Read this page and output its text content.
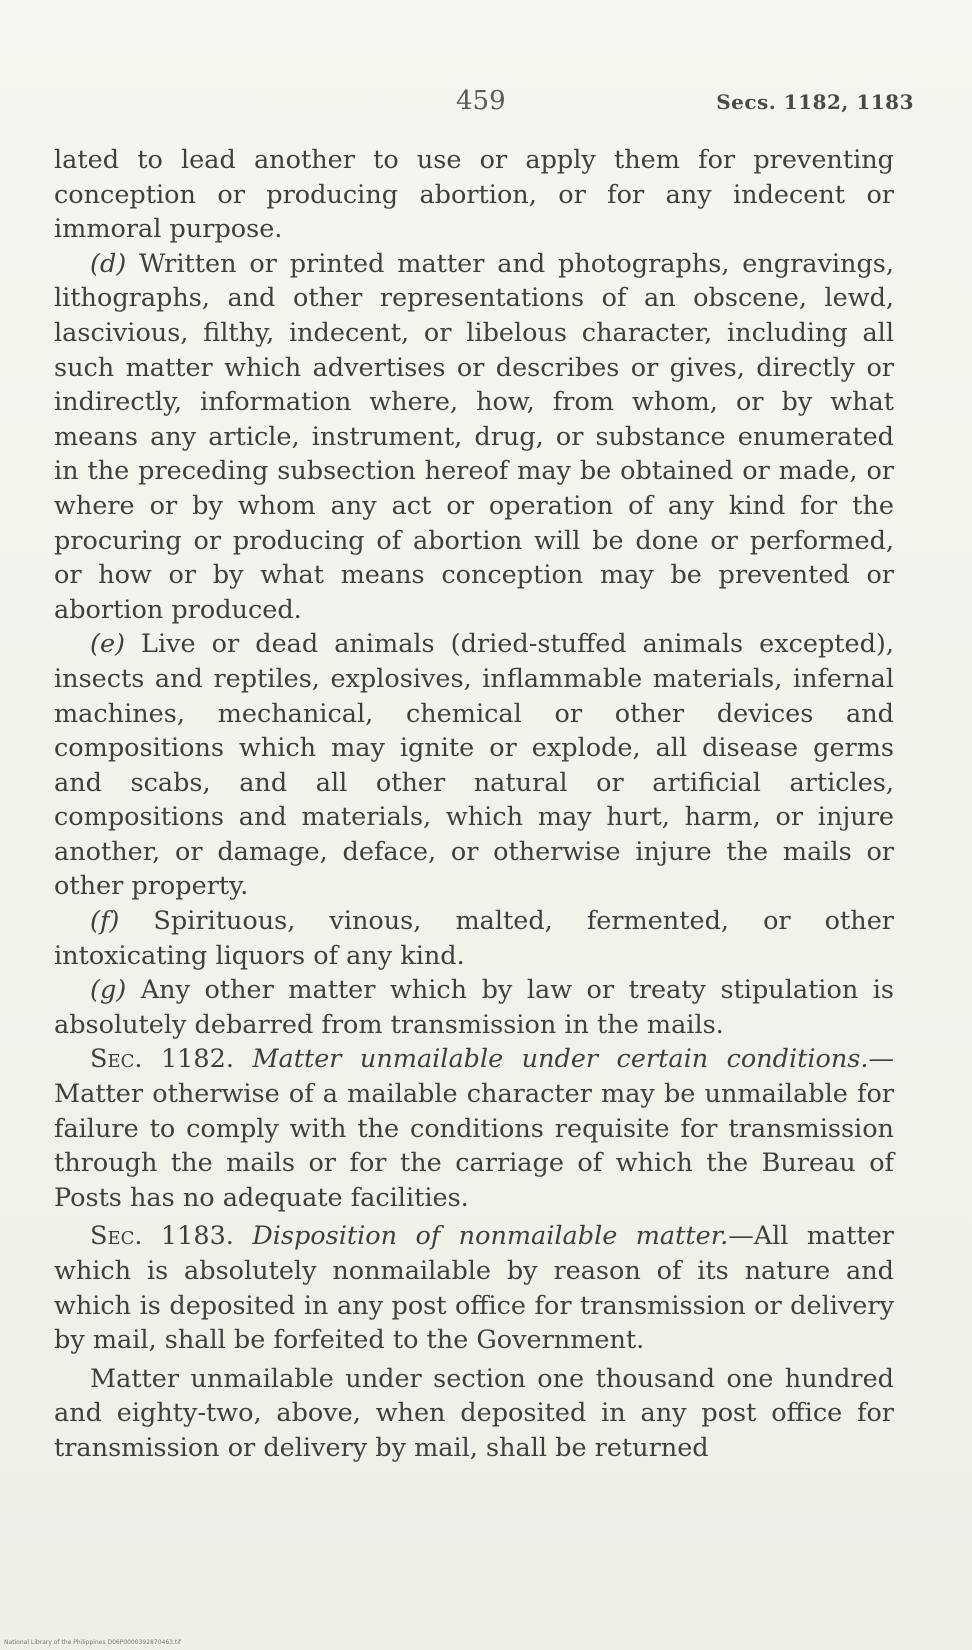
459	Secs. 1182, 1183

lated to lead another to use or apply them for preventing conception or producing abortion, or for any indecent or immoral purpose.

(d) Written or printed matter and photographs, engravings, lithographs, and other representations of an obscene, lewd, lascivious, filthy, indecent, or libelous character, including all such matter which advertises or describes or gives, directly or indirectly, information where, how, from whom, or by what means any article, instrument, drug, or substance enumerated in the preceding subsection hereof may be obtained or made, or where or by whom any act or operation of any kind for the procuring or producing of abortion will be done or performed, or how or by what means conception may be prevented or abortion produced.

(e) Live or dead animals (dried-stuffed animals excepted), insects and reptiles, explosives, inflammable materials, infernal machines, mechanical, chemical or other devices and compositions which may ignite or explode, all disease germs and scabs, and all other natural or artificial articles, compositions and materials, which may hurt, harm, or injure another, or damage, deface, or otherwise injure the mails or other property.

(f) Spirituous, vinous, malted, fermented, or other intoxicating liquors of any kind.

(g) Any other matter which by law or treaty stipulation is absolutely debarred from transmission in the mails.

Sec. 1182. Matter unmailable under certain conditions.—Matter otherwise of a mailable character may be unmailable for failure to comply with the conditions requisite for transmission through the mails or for the carriage of which the Bureau of Posts has no adequate facilities.

Sec. 1183. Disposition of nonmailable matter.—All matter which is absolutely nonmailable by reason of its nature and which is deposited in any post office for transmission or delivery by mail, shall be forfeited to the Government.

Matter unmailable under section one thousand one hundred and eighty-two, above, when deposited in any post office for transmission or delivery by mail, shall be returned

National Library of the Philippines D06P0000392870463.tif
